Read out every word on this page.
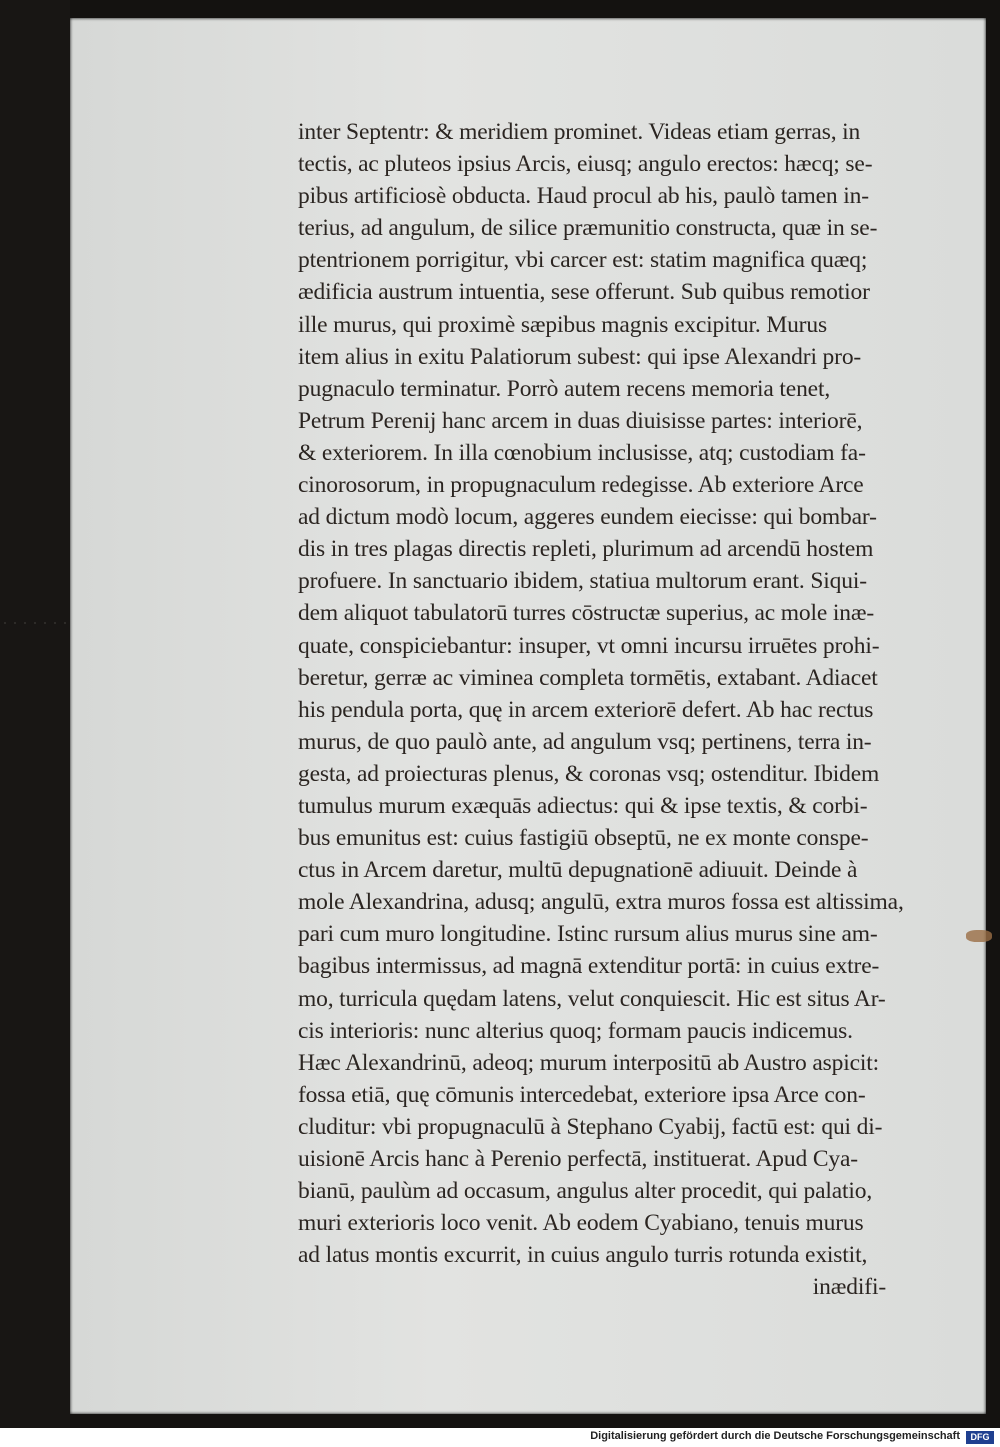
inter Septentr: & meridiem prominet. Videas etiam gerras, in
tectis, ac pluteos ipsius Arcis, eiusq; angulo erectos: hæcq; se-
pibus artificiosè obducta. Haud procul ab his, paulò tamen in-
terius, ad angulum, de silice præmunitio constructa, quæ in se-
ptentrionem porrigitur, vbi carcer est: statim magnifica quæq;
ædificia austrum intuentia, sese offerunt. Sub quibus remotior
ille murus, qui proximè sæpibus magnis excipitur. Murus
item alius in exitu Palatiorum subest: qui ipse Alexandri pro-
pugnaculo terminatur. Porrò autem recens memoria tenet,
Petrum Perenij hanc arcem in duas diuisisse partes: interiorē,
& exteriorem. In illa cœnobium inclusisse, atq; custodiam fa-
cinorosorum, in propugnaculum redegisse. Ab exteriore Arce
ad dictum modò locum, aggeres eundem eiecisse: qui bombar-
dis in tres plagas directis repleti, plurimum ad arcendū hostem
profuere. In sanctuario ibidem, statiua multorum erant. Siqui-
dem aliquot tabulatorū turres cōstructæ superius, ac mole inæ-
quate, conspiciebantur: insuper, vt omni incursu irruētes prohi-
beretur, gerræ ac viminea completa tormētis, extabant. Adiacet
his pendula porta, quę in arcem exteriorē defert. Ab hac rectus
murus, de quo paulò ante, ad angulum vsq; pertinens, terra in-
gesta, ad proiecturas plenus, & coronas vsq; ostenditur. Ibidem
tumulus murum exæquās adiectus: qui & ipse textis, & corbi-
bus emunitus est: cuius fastigiū obseptū, ne ex monte conspe-
ctus in Arcem daretur, multū depugnationē adiuuit. Deinde à
mole Alexandrina, adusq; angulū, extra muros fossa est altissima,
pari cum muro longitudine. Istinc rursum alius murus sine am-
bagibus intermissus, ad magnā extenditur portā: in cuius extre-
mo, turricula quędam latens, velut conquiescit. Hic est situs Ar-
cis interioris: nunc alterius quoq; formam paucis indicemus.
Hæc Alexandrinū, adeoq; murum interpositū ab Austro aspicit:
fossa etiā, quę cōmunis intercedebat, exteriore ipsa Arce con-
cluditur: vbi propugnaculū à Stephano Cyabij, factū est: qui di-
uisionē Arcis hanc à Perenio perfectā, instituerat. Apud Cya-
bianū, paulùm ad occasum, angulus alter procedit, qui palatio,
muri exterioris loco venit. Ab eodem Cyabiano, tenuis murus
ad latus montis excurrit, in cuius angulo turris rotunda existit,
inædifi-
Digitalisierung gefördert durch die Deutsche Forschungsgemeinschaft	DFG
